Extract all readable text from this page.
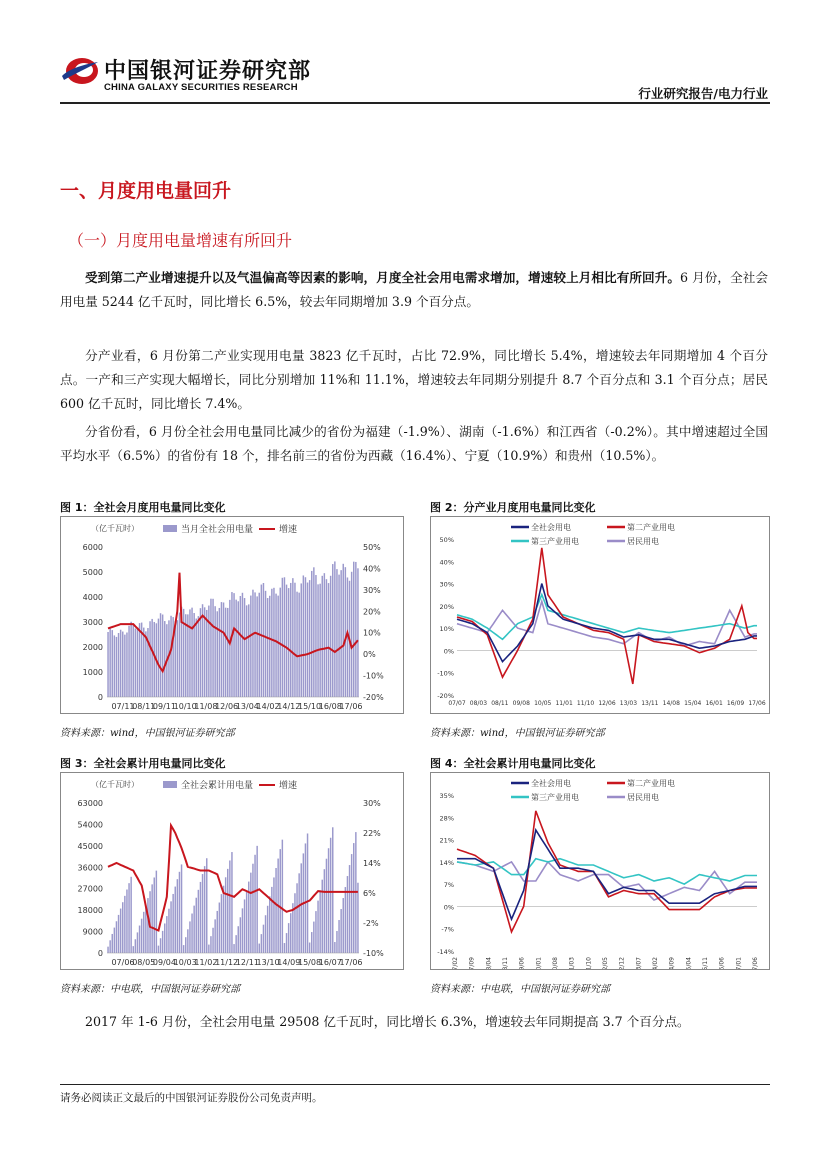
中国银河证券研究部
CHINA GALAXY SECURITIES RESEARCH	行业研究报告/电力行业
一、月度用电量回升
（一）月度用电量增速有所回升
受到第二产业增速提升以及气温偏高等因素的影响，月度全社会用电需求增加，增速较上月相比有所回升。6 月份，全社会用电量 5244 亿千瓦时，同比增长 6.5%，较去年同期增加 3.9 个百分点。
分产业看，6 月份第二产业实现用电量 3823 亿千瓦时，占比 72.9%，同比增长 5.4%，增速较去年同期增加 4 个百分点。一产和三产实现大幅增长，同比分别增加 11%和 11.1%，增速较去年同期分别提升 8.7 个百分点和 3.1 个百分点；居民 600 亿千瓦时，同比增长 7.4%。
分省份看，6 月份全社会用电量同比减少的省份为福建（-1.9%）、湖南（-1.6%）和江西省（-0.2%）。其中增速超过全国平均水平（6.5%）的省份有 18 个，排名前三的省份为西藏（16.4%）、宁夏（10.9%）和贵州（10.5%）。
图 1：全社会月度用电量同比变化	图 2：分产业月度用电量同比变化
图 3：全社会累计用电量同比变化	图 4：全社会累计用电量同比变化
（亿千瓦时）	当月全社会用电量	增速
0
1000
2000
3000
4000
5000
6000
-20%
-10%
0%
10%
20%
30%
40%
50%
07/11
08/11
09/11
10/10
11/08
12/06
13/04
14/02
14/12
15/10
16/08
17/06
全社会用电	第二产业用电
第三产业用电	居民用电
-20%
-10%
0%
10%
20%
30%
40%
50%
07/07 08/03 08/11 09/08 10/05 11/01 11/10 12/06 13/03 13/11 14/08 15/04 16/01 16/09 17/06
（亿千瓦时）	全社会累计用电量	增速
0
9000
18000
27000
36000
45000
54000
63000
-10%
-2%
6%
14%
22%
30%
07/06
08/05
09/04
10/03
11/02
11/12
12/11
13/10
14/09
15/08
16/07
17/06
全社会用电	第二产业用电
第三产业用电	居民用电
-14%
-7%
0%
7%
14%
21%
28%
35%
07/02 07/09 08/04 08/11 09/06 10/01 10/08 11/03 11/10 12/05 12/12 13/07 14/02 14/09 15/04 15/11 16/06 17/01 17/06
资料来源：wind，中国银河证券研究部	资料来源：wind，中国银河证券研究部
资料来源：中电联，中国银河证券研究部	资料来源：中电联，中国银河证券研究部
2017 年 1-6 月份，全社会用电量 29508 亿千瓦时，同比增长 6.3%，增速较去年同期提高 3.7 个百分点。
请务必阅读正文最后的中国银河证券股份公司免责声明。
